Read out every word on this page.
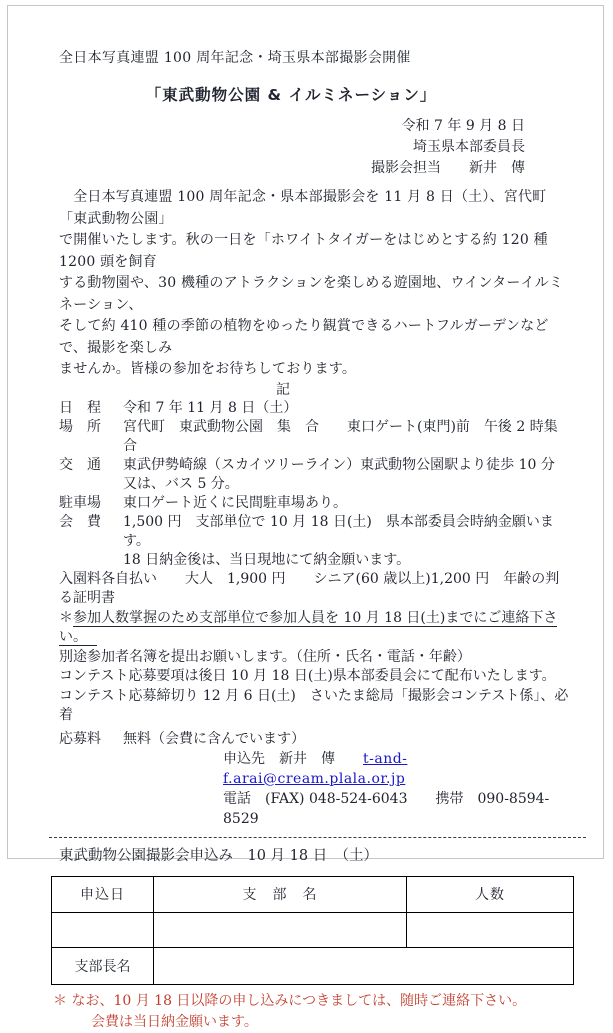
全日本写真連盟 100 周年記念・埼玉県本部撮影会開催
「東武動物公園 & イルミネーション」
令和 7 年 9 月 8 日
埼玉県本部委員長
撮影会担当　　新井　傳
　全日本写真連盟 100 周年記念・県本部撮影会を 11 月 8 日（土）、宮代町「東武動物公園」
で開催いたします。秋の一日を「ホワイトタイガーをはじめとする約 120 種 1200 頭を飼育
する動物園や、30 機種のアトラクションを楽しめる遊園地、ウインターイルミネーション、
そして約 410 種の季節の植物をゆったり観賞できるハートフルガーデンなどで、撮影を楽しみ
ませんか。皆様の参加をお待ちしております。
記
日　程	令和 7 年 11 月 8 日（土）
場　所	宮代町　東武動物公園　集　合　　東口ゲート(東門)前　午後 2 時集合
交　通	東武伊勢崎線（スカイツリーライン）東武動物公園駅より徒歩 10 分
又は、バス 5 分。
駐車場	東口ゲート近くに民間駐車場あり。
会　費	1,500 円　支部単位で 10 月 18 日(土)　県本部委員会時納金願います。
18 日納金後は、当日現地にて納金願います。
入園料各自払い　　大人　1,900 円　　シニア(60 歳以上)1,200 円　年齢の判る証明書
＊参加人数掌握のため支部単位で参加人員を 10 月 18 日(土)までにご連絡下さい。
別途参加者名簿を提出お願いします。（住所・氏名・電話・年齢）
コンテスト応募要項は後日 10 月 18 日(土)県本部委員会にて配布いたします。
コンテスト応募締切り 12 月 6 日(土)　さいたま総局「撮影会コンテスト係」、必着
応募料	無料（会費に含んでいます）
申込先　新井　傳　　t-and-f.arai@cream.plala.or.jp
電話　(FAX) 048-524-6043　　携帯　090-8594-8529
東武動物公園撮影会申込み　10 月 18 日　（土）
申込日	支　部　名	人数

支部長名		
＊ なお、10 月 18 日以降の申し込みにつきましては、随時ご連絡下さい。
会費は当日納金願います。
